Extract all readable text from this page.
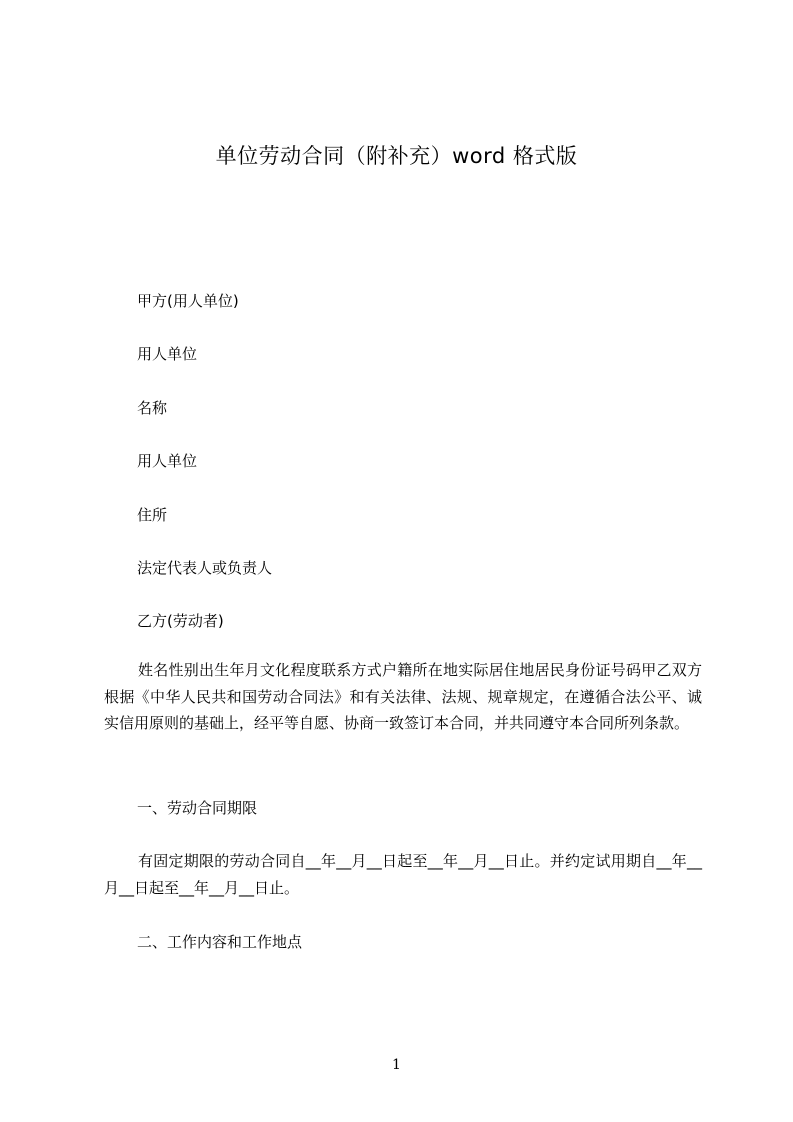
单位劳动合同（附补充）word 格式版
甲方(用人单位)
用人单位
名称
用人单位
住所
法定代表人或负责人
乙方(劳动者)
姓名性别出生年月文化程度联系方式户籍所在地实际居住地居民身份证号码甲乙双方根据《中华人民共和国劳动合同法》和有关法律、法规、规章规定，在遵循合法公平、诚实信用原则的基础上，经平等自愿、协商一致签订本合同，并共同遵守本合同所列条款。
一、劳动合同期限
有固定期限的劳动合同自__年__月__日起至__年__月__日止。并约定试用期自__年__月__日起至__年__月__日止。
二、工作内容和工作地点
1
